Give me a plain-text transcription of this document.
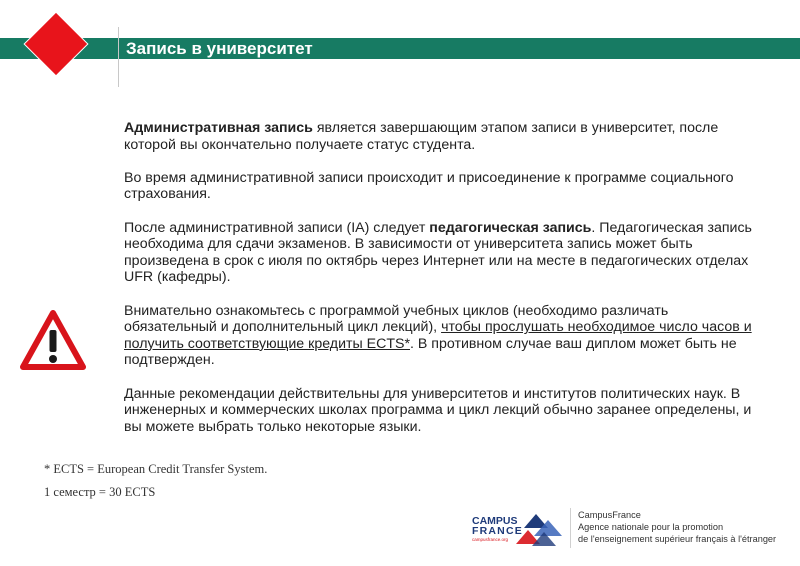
Запись в университет

Административная запись является завершающим этапом записи в университет, после которой вы окончательно получаете статус студента.

Во время административной записи происходит и присоединение к программе социального страхования.

После административной записи (IA) следует педагогическая запись. Педагогическая запись необходима для сдачи экзаменов. В зависимости от университета запись может быть произведена в срок с июля по октябрь через Интернет или на месте в педагогических отделах UFR (кафедры).

Внимательно ознакомьтесь с программой учебных циклов (необходимо различать обязательный и дополнительный цикл лекций), чтобы прослушать необходимое число часов и получить соответствующие кредиты ECTS*. В противном случае ваш диплом может быть не подтвержден.

Данные рекомендации действительны для университетов и институтов политических наук. В инженерных и коммерческих школах программа и цикл лекций обычно заранее определены, и вы можете выбрать только некоторые языки.

* ECTS = European Credit Transfer System.
1 семестр = 30 ECTS
CAMPUS
FRANCE
campusfrance.org
CampusFrance
Agence nationale pour la promotion
de l'enseignement supérieur français à l'étranger
